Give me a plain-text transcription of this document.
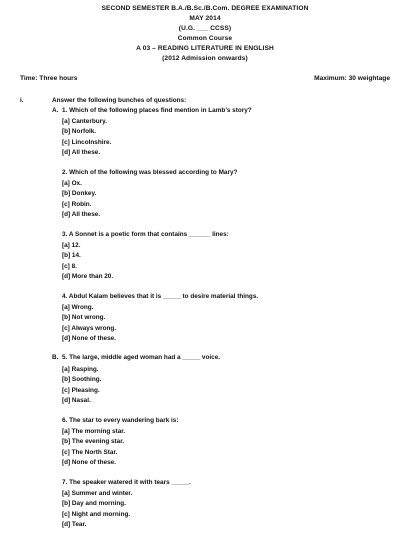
SECOND SEMESTER B.A./B.Sc./B.Com. DEGREE EXAMINATION
MAY 2014
(U.G. ___ CCSS)
Common Course
A 03 – READING LITERATURE IN ENGLISH
(2012 Admission onwards)
Time: Three hours	Maximum: 30 weightage
i.	Answer the following bunches of questions:
A. 1. Which of the following places find mention in Lamb's story?
[a] Canterbury.
[b] Norfolk.
[c] Lincolnshire.
[d] All these.
2. Which of the following was blessed according to Mary?
[a] Ox.
[b] Donkey.
[c] Robin.
[d] All these.
3. A Sonnet is a poetic form that contains ______ lines:
[a] 12.
[b] 14.
[c] 8.
[d] More than 20.
4. Abdul Kalam believes that it is _____ to desire material things.
[a] Wrong.
[b] Not wrong.
[c] Always wrong.
[d] None of these.
B. 5. The large, middle aged woman had a _____ voice.
[a] Rasping.
[b] Soothing.
[c] Pleasing.
[d] Nasal.
6. The star to every wandering bark is:
[a] The morning star.
[b] The evening star.
[c] The North Star.
[d] None of these.
7. The speaker watered it with tears _____.
[a] Summer and winter.
[b] Day and morning.
[c] Night and morning.
[d] Tear.
